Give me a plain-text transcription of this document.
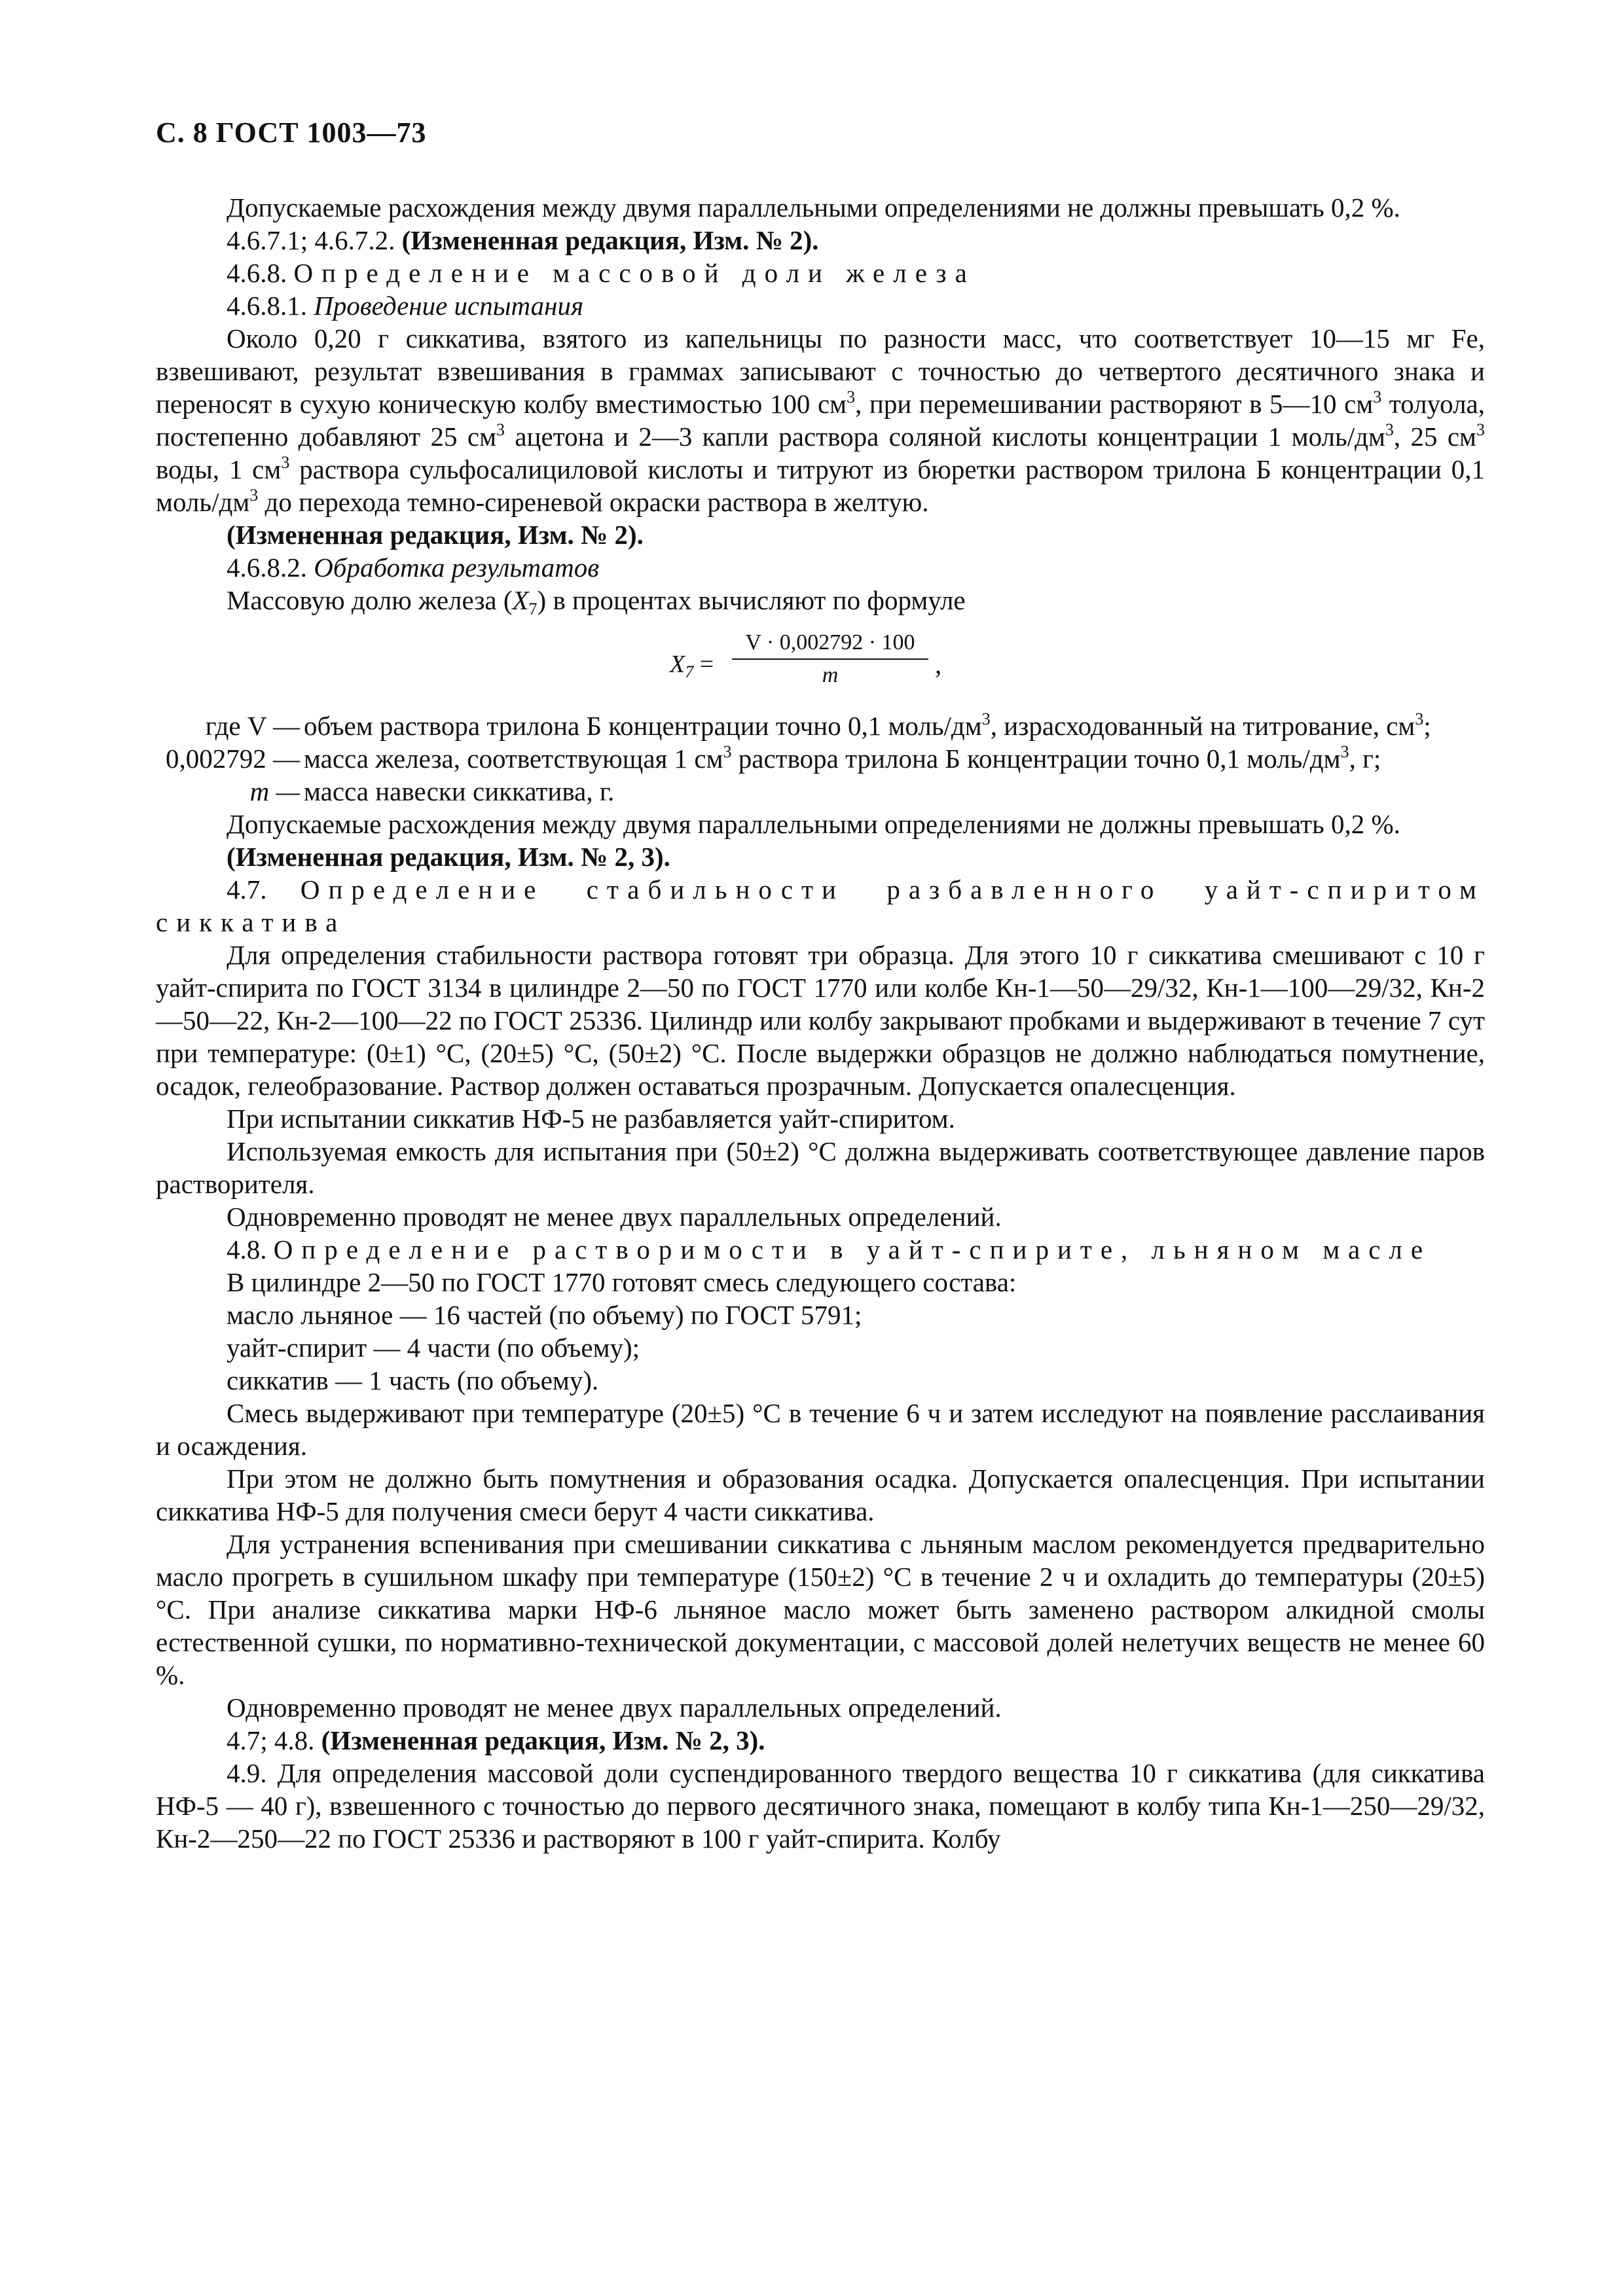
С. 8 ГОСТ 1003—73

Допускаемые расхождения между двумя параллельными определениями не должны превышать 0,2 %.

4.6.7.1; 4.6.7.2. (Измененная редакция, Изм. № 2).

4.6.8. Определение массовой доли железа

4.6.8.1. Проведение испытания

Около 0,20 г сиккатива, взятого из капельницы по разности масс, что соответствует 10—15 мг Fe, взвешивают, результат взвешивания в граммах записывают с точностью до четвертого десятичного знака и переносят в сухую коническую колбу вместимостью 100 $см^3$, при перемешивании растворяют в 5—10 $см^3$ толуола, постепенно добавляют 25 $см^3$ ацетона и 2—3 капли раствора соляной кислоты концентрации 1 моль/$дм^3$, 25 $см^3$ воды, 1 $см^3$ раствора сульфосалициловой кислоты и титруют из бюретки раствором трилона Б концентрации 0,1 моль/$дм^3$ до перехода темно-сиреневой окраски раствора в желтую.

(Измененная редакция, Изм. № 2).

4.6.8.2. Обработка результатов

Массовую долю железа $(X_7)$ в процентах вычисляют по формуле

$X_7$ =
V · 0,002792 · 100
m	,
где V — объем раствора трилона Б концентрации точно 0,1 моль/$дм^3$, израсходованный на титрование, $см^3$;

0,002792 — масса железа, соответствующая 1 $см^3$ раствора трилона Б концентрации точно 0,1 моль/$дм^3$, г;

m — масса навески сиккатива, г.

Допускаемые расхождения между двумя параллельными определениями не должны превышать 0,2 %.

(Измененная редакция, Изм. № 2, 3).

4.7. Определение стабильности разбавленного уайт-спиритом сиккатива

Для определения стабильности раствора готовят три образца. Для этого 10 г сиккатива смешивают с 10 г уайт-спирита по ГОСТ 3134 в цилиндре 2—50 по ГОСТ 1770 или колбе Кн-1—50—29/32, Кн-1—100—29/32, Кн-2—50—22, Кн-2—100—22 по ГОСТ 25336. Цилиндр или колбу закрывают пробками и выдерживают в течение 7 сут при температуре: (0±1) °С, (20±5) °С, (50±2) °С. После выдержки образцов не должно наблюдаться помутнение, осадок, гелеобразование. Раствор должен оставаться прозрачным. Допускается опалесценция.

При испытании сиккатив НФ-5 не разбавляется уайт-спиритом.

Используемая емкость для испытания при (50±2) °С должна выдерживать соответствующее давление паров растворителя.

Одновременно проводят не менее двух параллельных определений.

4.8. Определение растворимости в уайт-спирите, льняном масле

В цилиндре 2—50 по ГОСТ 1770 готовят смесь следующего состава:

масло льняное — 16 частей (по объему) по ГОСТ 5791;

уайт-спирит — 4 части (по объему);

сиккатив — 1 часть (по объему).

Смесь выдерживают при температуре (20±5) °С в течение 6 ч и затем исследуют на появление расслаивания и осаждения.

При этом не должно быть помутнения и образования осадка. Допускается опалесценция. При испытании сиккатива НФ-5 для получения смеси берут 4 части сиккатива.

Для устранения вспенивания при смешивании сиккатива с льняным маслом рекомендуется предварительно масло прогреть в сушильном шкафу при температуре (150±2) °С в течение 2 ч и охладить до температуры (20±5) °С. При анализе сиккатива марки НФ-6 льняное масло может быть заменено раствором алкидной смолы естественной сушки, по нормативно-технической документации, с массовой долей нелетучих веществ не менее 60 %.

Одновременно проводят не менее двух параллельных определений.

4.7; 4.8. (Измененная редакция, Изм. № 2, 3).

4.9. Для определения массовой доли суспендированного твердого вещества 10 г сиккатива (для сиккатива НФ-5 — 40 г), взвешенного с точностью до первого десятичного знака, помещают в колбу типа Кн-1—250—29/32, Кн-2—250—22 по ГОСТ 25336 и растворяют в 100 г уайт-спирита. Колбу
